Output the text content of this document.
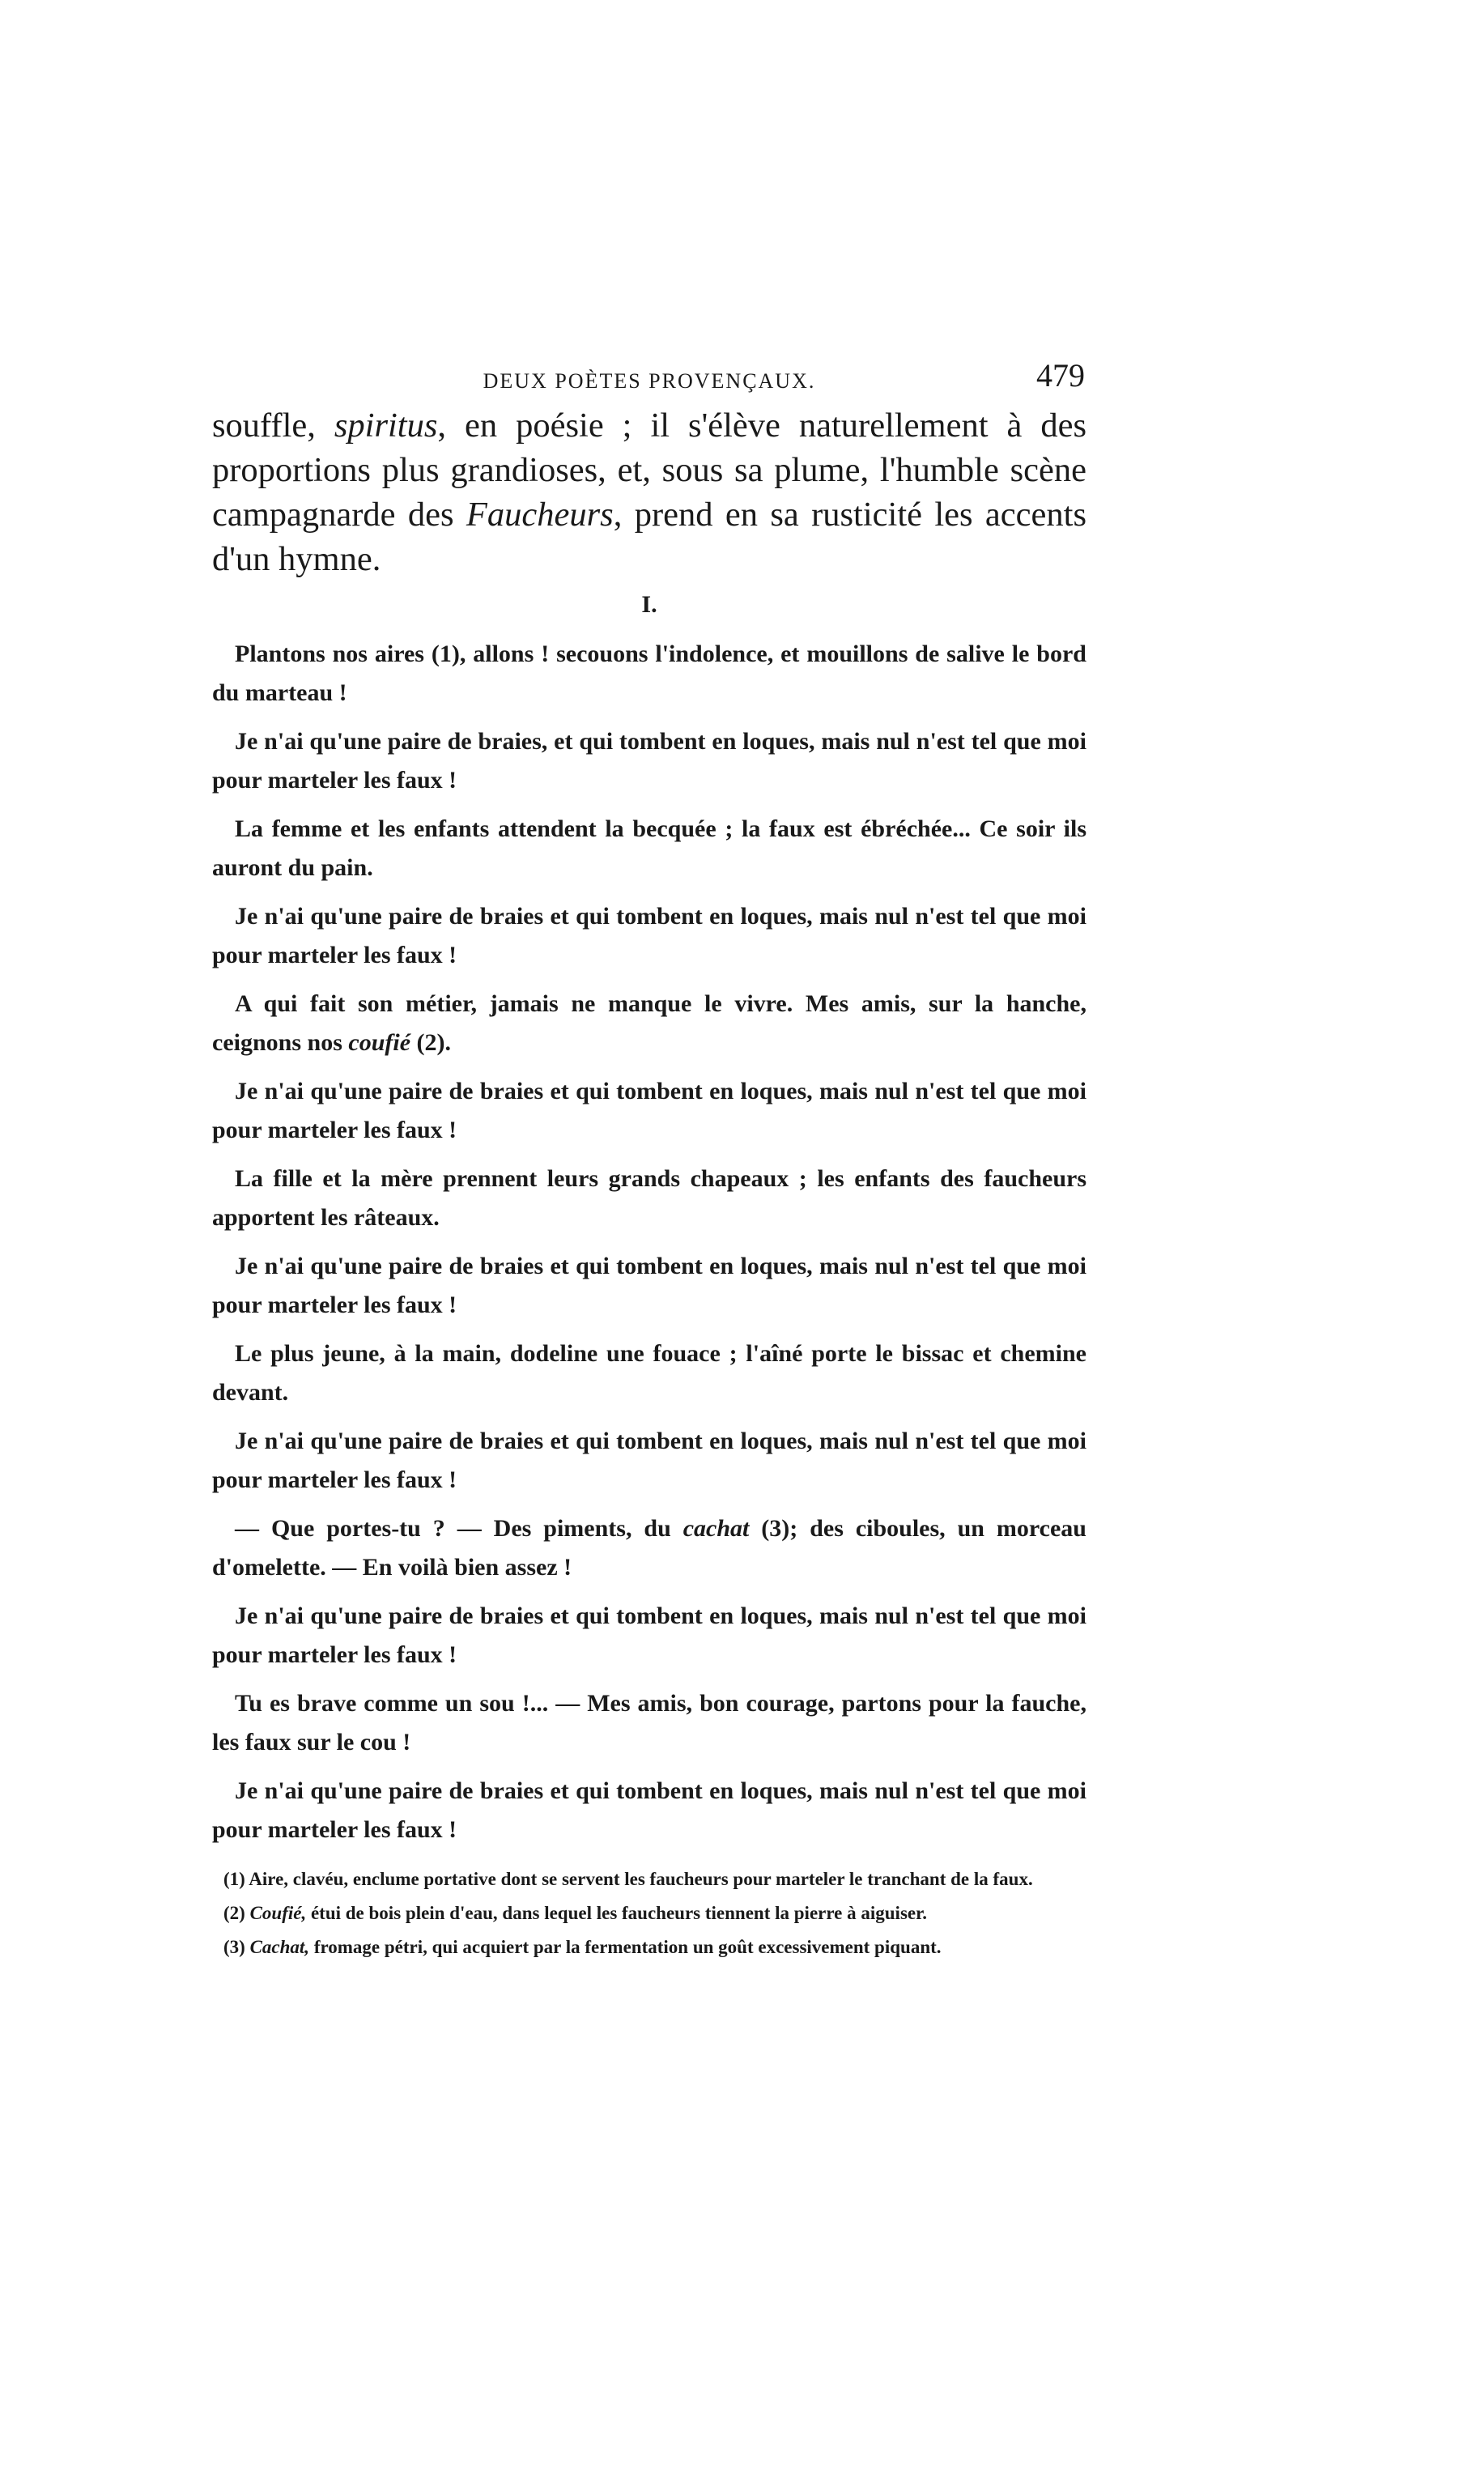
DEUX POÈTES PROVENÇAUX.	479

souffle, spiritus, en poésie ; il s'élève naturellement à des proportions plus grandioses, et, sous sa plume, l'humble scène campagnarde des Faucheurs, prend en sa rusticité les accents d'un hymne.

I.

Plantons nos aires (1), allons ! secouons l'indolence, et mouillons de salive le bord du marteau !

Je n'ai qu'une paire de braies, et qui tombent en loques, mais nul n'est tel que moi pour marteler les faux !

La femme et les enfants attendent la becquée ; la faux est ébréchée... Ce soir ils auront du pain.

Je n'ai qu'une paire de braies et qui tombent en loques, mais nul n'est tel que moi pour marteler les faux !

A qui fait son métier, jamais ne manque le vivre. Mes amis, sur la hanche, ceignons nos coufié (2).

Je n'ai qu'une paire de braies et qui tombent en loques, mais nul n'est tel que moi pour marteler les faux !

La fille et la mère prennent leurs grands chapeaux ; les enfants des faucheurs apportent les râteaux.

Je n'ai qu'une paire de braies et qui tombent en loques, mais nul n'est tel que moi pour marteler les faux !

Le plus jeune, à la main, dodeline une fouace ; l'aîné porte le bissac et chemine devant.

Je n'ai qu'une paire de braies et qui tombent en loques, mais nul n'est tel que moi pour marteler les faux !

— Que portes-tu ? — Des piments, du cachat (3); des ciboules, un morceau d'omelette. — En voilà bien assez !

Je n'ai qu'une paire de braies et qui tombent en loques, mais nul n'est tel que moi pour marteler les faux !

Tu es brave comme un sou !... — Mes amis, bon courage, partons pour la fauche, les faux sur le cou !

Je n'ai qu'une paire de braies et qui tombent en loques, mais nul n'est tel que moi pour marteler les faux !

(1) Aire, clavéu, enclume portative dont se servent les faucheurs pour marteler le tranchant de la faux.

(2) Coufié, étui de bois plein d'eau, dans lequel les faucheurs tiennent la pierre à aiguiser.

(3) Cachat, fromage pétri, qui acquiert par la fermentation un goût excessivement piquant.
